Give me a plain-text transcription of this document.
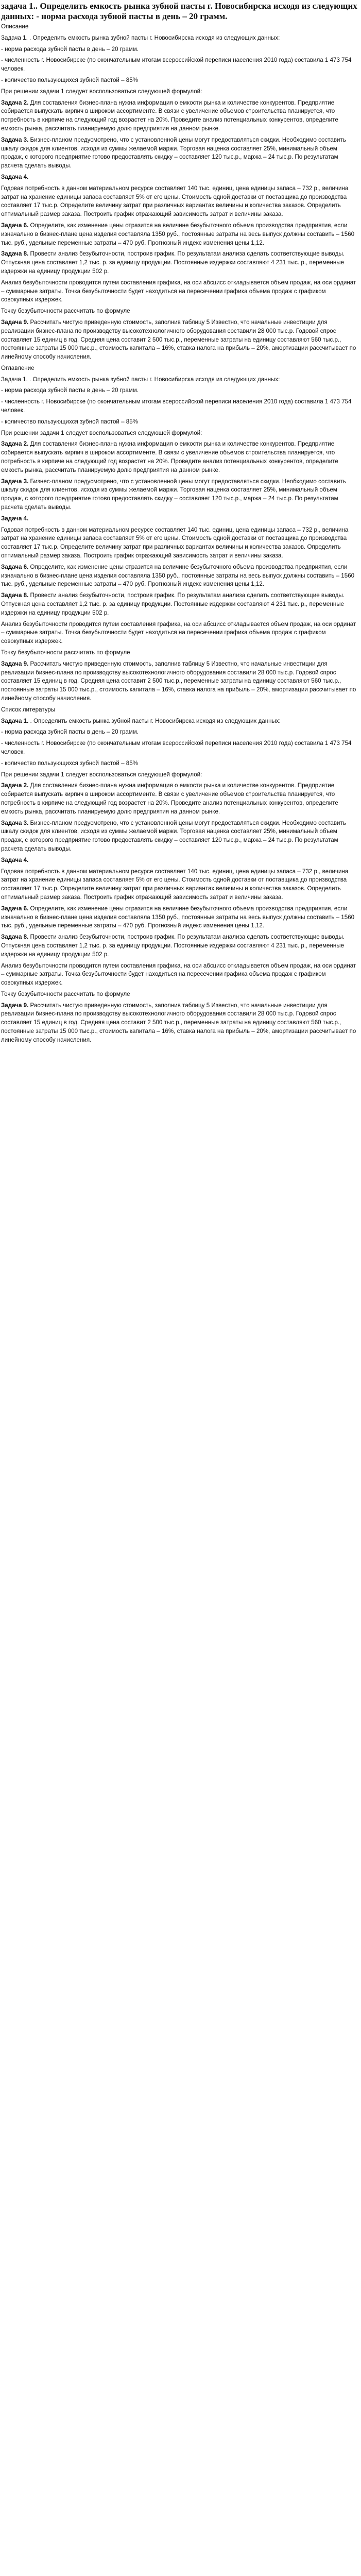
задача 1.. Определить емкость рынка зубной пасты г. Новосибирска исходя из следующих данных: - норма расхода зубной пасты в день – 20 грамм.
Описание
Задача 1. . Определить емкость рынка зубной пасты г. Новосибирска исходя из следующих данных:
- норма расхода зубной пасты в день – 20 грамм.
- численность г. Новосибирске (по окончательным итогам всероссийской переписи населения 2010 года) составила 1 473 754 человек.
- количество пользующихся зубной пастой – 85%
При решении задачи 1 следует воспользоваться следующей формулой:
Задача 2. Для составления бизнес-плана нужна информация о емкости рынка и количестве конкурентов. Предприятие собирается выпускать кирпич в широком ассортименте. В связи с увеличение объемов строительства планируется, что потребность в кирпиче на следующий год возрастет на 20%. Проведите анализ потенциальных конкурентов, определите емкость рынка, рассчитать планируемую долю предприятия на данном рынке.
Задача 3. Бизнес-планом предусмотрено, что с установленной цены могут предоставляться скидки. Необходимо составить шкалу скидок для клиентов, исходя из суммы желаемой маржи. Торговая наценка составляет 25%, минимальный объем продаж, с которого предприятие готово предоставлять скидку – составляет 120 тыс.р., маржа – 24 тыс.р. По результатам расчета сделать выводы.
Задача 4.
Годовая потребность в данном материальном ресурсе составляет 140 тыс. единиц, цена единицы запаса – 732 р., величина затрат на хранение единицы запаса составляет 5% от его цены. Стоимость одной доставки от поставщика до производства составляет 17 тыс.р. Определите величину затрат при различных вариантах величины и количества заказов. Определить оптимальный размер заказа. Построить график отражающий зависимость затрат и величины заказа.
Задача 6. Определите, как изменение цены отразится на величине безубыточного объема производства предприятия, если изначально в бизнес-плане цена изделия составляла 1350 руб., постоянные затраты на весь выпуск должны составить – 1560 тыс. руб., удельные переменные затраты – 470 руб. Прогнозный индекс изменения цены 1,12.
Задача 8. Провести анализ безубыточности, построив график. По результатам анализа сделать соответствующие выводы. Отпускная цена составляет 1,2 тыс. р. за единицу продукции. Постоянные издержки составляют 4 231 тыс. р., переменные издержки на единицу продукции 502 р.
Анализ безубыточности проводится путем составления графика, на оси абсцисс откладывается объем продаж, на оси ординат – суммарные затраты. Точка безубыточности будет находиться на пересечении графика объема продаж с графиком совокупных издержек.
Точку безубыточности рассчитать по формуле
Задача 9. Рассчитать чистую приведенную стоимость, заполнив таблицу 5 Известно, что начальные инвестиции для реализации бизнес-плана по производству высокотехнологичного оборудования составили 28 000 тыс.р. Годовой спрос составляет 15 единиц в год. Средняя цена составит 2 500 тыс.р., переменные затраты на единицу составляют 560 тыс.р., постоянные затраты 15 000 тыс.р., стоимость капитала – 16%, ставка налога на прибыль – 20%, амортизации рассчитывает по линейному способу начисления.
Оглавление
Задача 1. . Определить емкость рынка зубной пасты г. Новосибирска исходя из следующих данных:
- норма расхода зубной пасты в день – 20 грамм.
- численность г. Новосибирске (по окончательным итогам всероссийской переписи населения 2010 года) составила 1 473 754 человек.
- количество пользующихся зубной пастой – 85%
При решении задачи 1 следует воспользоваться следующей формулой:
Задача 2. Для составления бизнес-плана нужна информация о емкости рынка и количестве конкурентов. Предприятие собирается выпускать кирпич в широком ассортименте. В связи с увеличение объемов строительства планируется, что потребность в кирпиче на следующий год возрастет на 20%. Проведите анализ потенциальных конкурентов, определите емкость рынка, рассчитать планируемую долю предприятия на данном рынке.
Задача 3. Бизнес-планом предусмотрено, что с установленной цены могут предоставляться скидки. Необходимо составить шкалу скидок для клиентов, исходя из суммы желаемой маржи. Торговая наценка составляет 25%, минимальный объем продаж, с которого предприятие готово предоставлять скидку – составляет 120 тыс.р., маржа – 24 тыс.р. По результатам расчета сделать выводы.
Задача 4.
Годовая потребность в данном материальном ресурсе составляет 140 тыс. единиц, цена единицы запаса – 732 р., величина затрат на хранение единицы запаса составляет 5% от его цены. Стоимость одной доставки от поставщика до производства составляет 17 тыс.р. Определите величину затрат при различных вариантах величины и количества заказов. Определить оптимальный размер заказа. Построить график отражающий зависимость затрат и величины заказа.
Задача 6. Определите, как изменение цены отразится на величине безубыточного объема производства предприятия, если изначально в бизнес-плане цена изделия составляла 1350 руб., постоянные затраты на весь выпуск должны составить – 1560 тыс. руб., удельные переменные затраты – 470 руб. Прогнозный индекс изменения цены 1,12.
Задача 8. Провести анализ безубыточности, построив график. По результатам анализа сделать соответствующие выводы. Отпускная цена составляет 1,2 тыс. р. за единицу продукции. Постоянные издержки составляют 4 231 тыс. р., переменные издержки на единицу продукции 502 р.
Анализ безубыточности проводится путем составления графика, на оси абсцисс откладывается объем продаж, на оси ординат – суммарные затраты. Точка безубыточности будет находиться на пересечении графика объема продаж с графиком совокупных издержек.
Точку безубыточности рассчитать по формуле
Задача 9. Рассчитать чистую приведенную стоимость, заполнив таблицу 5 Известно, что начальные инвестиции для реализации бизнес-плана по производству высокотехнологичного оборудования составили 28 000 тыс.р. Годовой спрос составляет 15 единиц в год. Средняя цена составит 2 500 тыс.р., переменные затраты на единицу составляют 560 тыс.р., постоянные затраты 15 000 тыс.р., стоимость капитала – 16%, ставка налога на прибыль – 20%, амортизации рассчитывает по линейному способу начисления.
Список литературы
Задача 1. . Определить емкость рынка зубной пасты г. Новосибирска исходя из следующих данных:
- норма расхода зубной пасты в день – 20 грамм.
- численность г. Новосибирске (по окончательным итогам всероссийской переписи населения 2010 года) составила 1 473 754 человек.
- количество пользующихся зубной пастой – 85%
При решении задачи 1 следует воспользоваться следующей формулой:
Задача 2. Для составления бизнес-плана нужна информация о емкости рынка и количестве конкурентов. Предприятие собирается выпускать кирпич в широком ассортименте. В связи с увеличение объемов строительства планируется, что потребность в кирпиче на следующий год возрастет на 20%. Проведите анализ потенциальных конкурентов, определите емкость рынка, рассчитать планируемую долю предприятия на данном рынке.
Задача 3. Бизнес-планом предусмотрено, что с установленной цены могут предоставляться скидки. Необходимо составить шкалу скидок для клиентов, исходя из суммы желаемой маржи. Торговая наценка составляет 25%, минимальный объем продаж, с которого предприятие готово предоставлять скидку – составляет 120 тыс.р., маржа – 24 тыс.р. По результатам расчета сделать выводы.
Задача 4.
Годовая потребность в данном материальном ресурсе составляет 140 тыс. единиц, цена единицы запаса – 732 р., величина затрат на хранение единицы запаса составляет 5% от его цены. Стоимость одной доставки от поставщика до производства составляет 17 тыс.р. Определите величину затрат при различных вариантах величины и количества заказов. Определить оптимальный размер заказа. Построить график отражающий зависимость затрат и величины заказа.
Задача 6. Определите, как изменение цены отразится на величине безубыточного объема производства предприятия, если изначально в бизнес-плане цена изделия составляла 1350 руб., постоянные затраты на весь выпуск должны составить – 1560 тыс. руб., удельные переменные затраты – 470 руб. Прогнозный индекс изменения цены 1,12.
Задача 8. Провести анализ безубыточности, построив график. По результатам анализа сделать соответствующие выводы. Отпускная цена составляет 1,2 тыс. р. за единицу продукции. Постоянные издержки составляют 4 231 тыс. р., переменные издержки на единицу продукции 502 р.
Анализ безубыточности проводится путем составления графика, на оси абсцисс откладывается объем продаж, на оси ординат – суммарные затраты. Точка безубыточности будет находиться на пересечении графика объема продаж с графиком совокупных издержек.
Точку безубыточности рассчитать по формуле
Задача 9. Рассчитать чистую приведенную стоимость, заполнив таблицу 5 Известно, что начальные инвестиции для реализации бизнес-плана по производству высокотехнологичного оборудования составили 28 000 тыс.р. Годовой спрос составляет 15 единиц в год. Средняя цена составит 2 500 тыс.р., переменные затраты на единицу составляют 560 тыс.р., постоянные затраты 15 000 тыс.р., стоимость капитала – 16%, ставка налога на прибыль – 20%, амортизации рассчитывает по линейному способу начисления.
